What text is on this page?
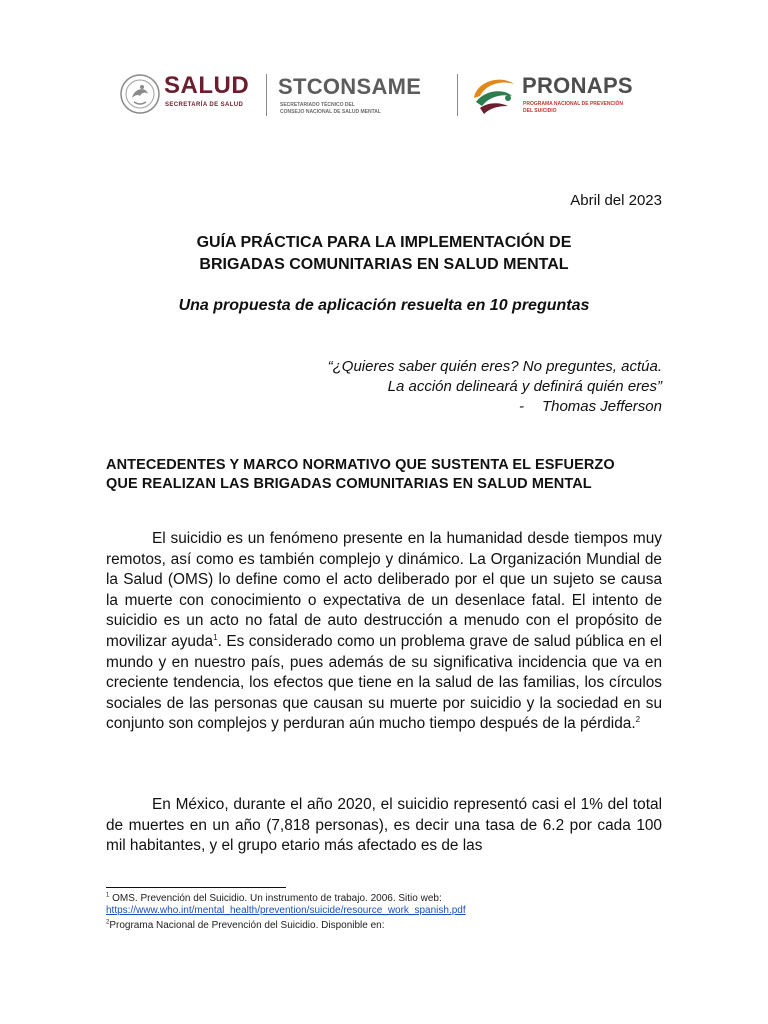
SALUD
SECRETARÍA DE SALUD
STCONSAME
SECRETARIADO TÉCNICO DEL
CONSEJO NACIONAL DE SALUD MENTAL
PRONAPS
PROGRAMA NACIONAL DE PREVENCIÓN
DEL SUICIDIO
Abril del 2023
GUÍA PRÁCTICA PARA LA IMPLEMENTACIÓN DE
BRIGADAS COMUNITARIAS EN SALUD MENTAL
Una propuesta de aplicación resuelta en 10 preguntas
“¿Quieres saber quién eres? No preguntes, actúa.
La acción delineará y definirá quién eres”
- Thomas Jefferson
ANTECEDENTES Y MARCO NORMATIVO QUE SUSTENTA EL ESFUERZO
QUE REALIZAN LAS BRIGADAS COMUNITARIAS EN SALUD MENTAL

El suicidio es un fenómeno presente en la humanidad desde tiempos muy remotos, así como es también complejo y dinámico. La Organización Mundial de la Salud (OMS) lo define como el acto deliberado por el que un sujeto se causa la muerte con conocimiento o expectativa de un desenlace fatal. El intento de suicidio es un acto no fatal de auto destrucción a menudo con el propósito de movilizar ayuda$^1$. Es considerado como un problema grave de salud pública en el mundo y en nuestro país, pues además de su significativa incidencia que va en creciente tendencia, los efectos que tiene en la salud de las familias, los círculos sociales de las personas que causan su muerte por suicidio y la sociedad en su conjunto son complejos y perduran aún mucho tiempo después de la pérdida.$^2$

En México, durante el año 2020, el suicidio representó casi el 1% del total de muertes en un año (7,818 personas), es decir una tasa de 6.2 por cada 100 mil habitantes, y el grupo etario más afectado es de las

$^1$ OMS. Prevención del Suicidio. Un instrumento de trabajo. 2006. Sitio web:
https://www.who.int/mental_health/prevention/suicide/resource_work_spanish.pdf
$^2$Programa Nacional de Prevención del Suicidio. Disponible en:
